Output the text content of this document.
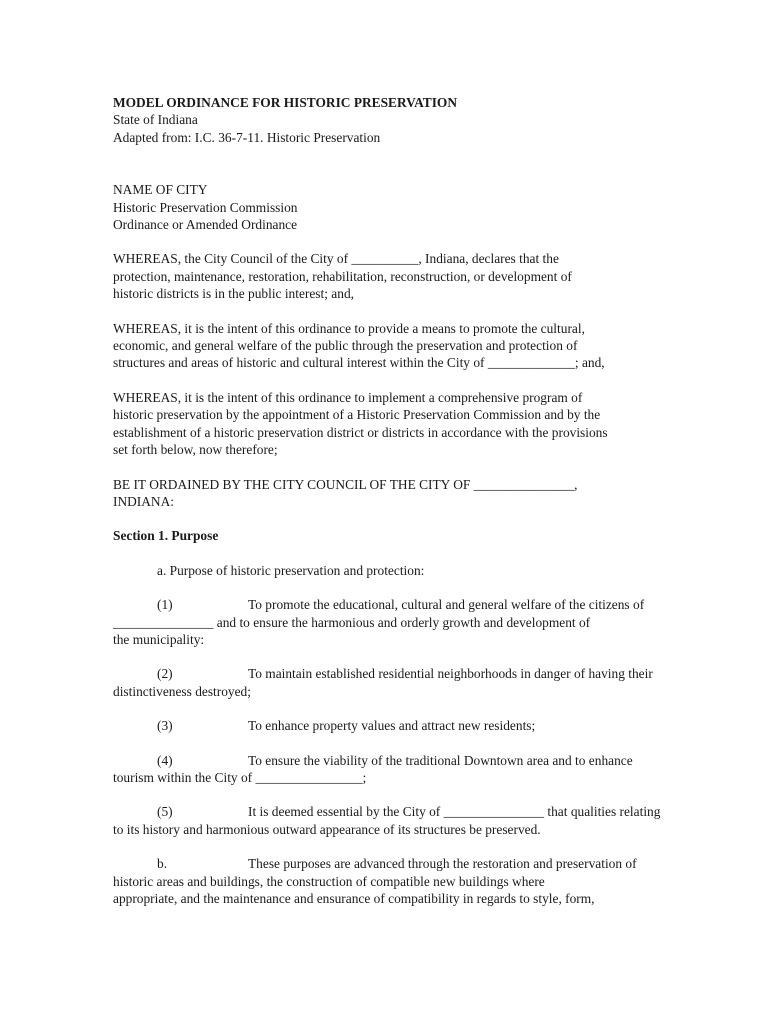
MODEL ORDINANCE FOR HISTORIC PRESERVATION

State of Indiana

Adapted from: I.C. 36-7-11. Historic Preservation

NAME OF CITY

Historic Preservation Commission

Ordinance or Amended Ordinance

WHEREAS, the City Council of the City of __________, Indiana, declares that the

protection, maintenance, restoration, rehabilitation, reconstruction, or development of

historic districts is in the public interest; and,

WHEREAS, it is the intent of this ordinance to provide a means to promote the cultural,

economic, and general welfare of the public through the preservation and protection of

structures and areas of historic and cultural interest within the City of _____________; and,

WHEREAS, it is the intent of this ordinance to implement a comprehensive program of

historic preservation by the appointment of a Historic Preservation Commission and by the

establishment of a historic preservation district or districts in accordance with the provisions

set forth below, now therefore;

BE IT ORDAINED BY THE CITY COUNCIL OF THE CITY OF _______________,

INDIANA:

Section 1. Purpose

a. Purpose of historic preservation and protection:

(1)	To promote the educational, cultural and general welfare of the citizens of

_______________ and to ensure the harmonious and orderly growth and development of

the municipality:

(2)	To maintain established residential neighborhoods in danger of having their

distinctiveness destroyed;

(3)	To enhance property values and attract new residents;

(4)	To ensure the viability of the traditional Downtown area and to enhance

tourism within the City of ________________;

(5)	It is deemed essential by the City of _______________ that qualities relating

to its history and harmonious outward appearance of its structures be preserved.

b.	These purposes are advanced through the restoration and preservation of

historic areas and buildings, the construction of compatible new buildings where

appropriate, and the maintenance and ensurance of compatibility in regards to style, form,
